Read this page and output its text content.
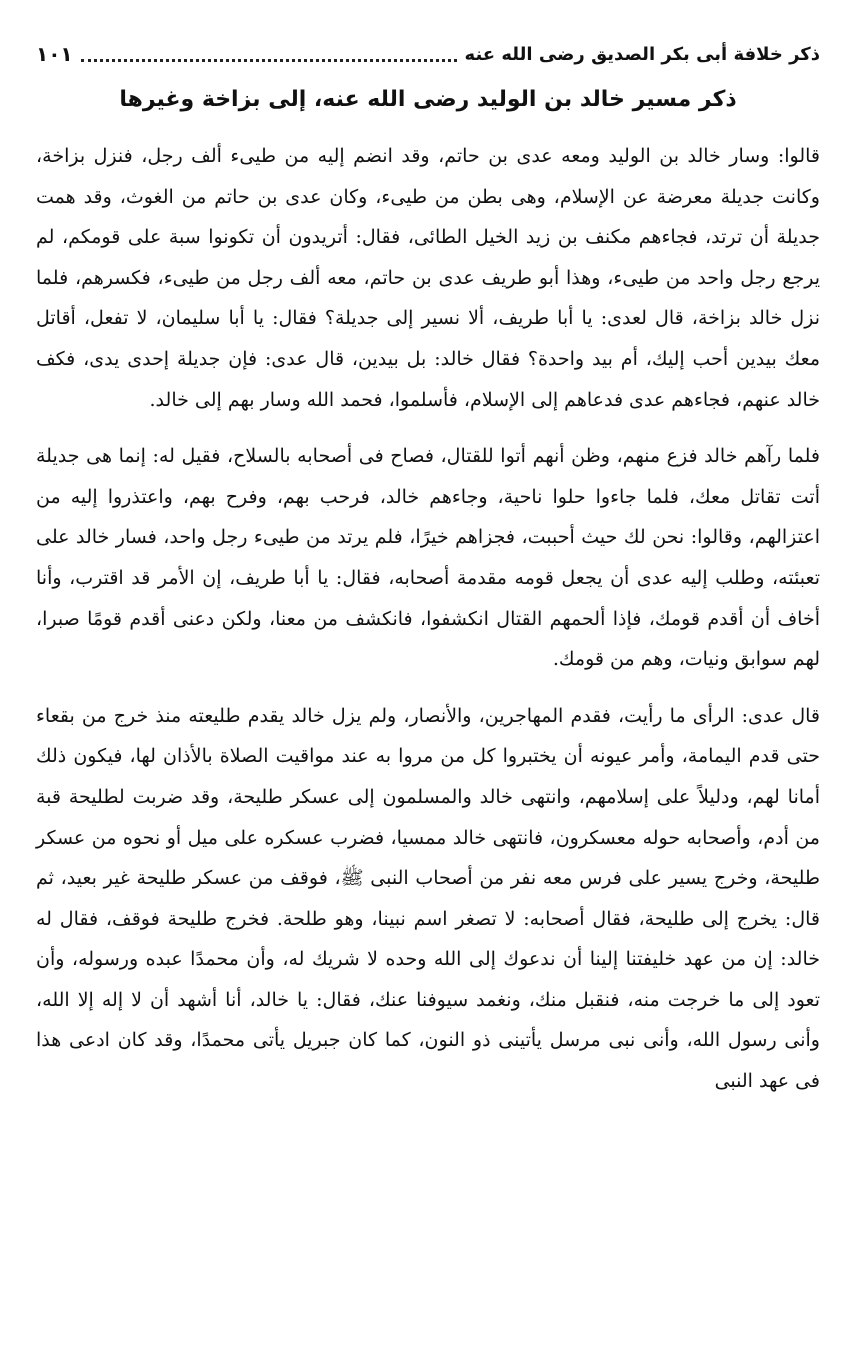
ذكر خلافة أبى بكر الصديق رضى الله عنه
١٠١
ذكر مسير خالد بن الوليد رضى الله عنه، إلى بزاخة وغيرها

قالوا: وسار خالد بن الوليد ومعه عدى بن حاتم، وقد انضم إليه من طيىء ألف رجل، فنزل بزاخة، وكانت جديلة معرضة عن الإسلام، وهى بطن من طيىء، وكان عدى بن حاتم من الغوث، وقد همت جديلة أن ترتد، فجاءهم مكنف بن زيد الخيل الطائى، فقال: أتريدون أن تكونوا سبة على قومكم، لم يرجع رجل واحد من طيىء، وهذا أبو طريف عدى بن حاتم، معه ألف رجل من طيىء، فكسرهم، فلما نزل خالد بزاخة، قال لعدى: يا أبا طريف، ألا نسير إلى جديلة؟ فقال: يا أبا سليمان، لا تفعل، أقاتل معك بيدين أحب إليك، أم بيد واحدة؟ فقال خالد: بل بيدين، قال عدى: فإن جديلة إحدى يدى، فكف خالد عنهم، فجاءهم عدى فدعاهم إلى الإسلام، فأسلموا، فحمد الله وسار بهم إلى خالد.

فلما رآهم خالد فزع منهم، وظن أنهم أتوا للقتال، فصاح فى أصحابه بالسلاح، فقيل له: إنما هى جديلة أتت تقاتل معك، فلما جاءوا حلوا ناحية، وجاءهم خالد، فرحب بهم، وفرح بهم، واعتذروا إليه من اعتزالهم، وقالوا: نحن لك حيث أحببت، فجزاهم خيرًا، فلم يرتد من طيىء رجل واحد، فسار خالد على تعبئته، وطلب إليه عدى أن يجعل قومه مقدمة أصحابه، فقال: يا أبا طريف، إن الأمر قد اقترب، وأنا أخاف أن أقدم قومك، فإذا ألحمهم القتال انكشفوا، فانكشف من معنا، ولكن دعنى أقدم قومًا صبرا، لهم سوابق ونيات، وهم من قومك.

قال عدى: الرأى ما رأيت، فقدم المهاجرين، والأنصار، ولم يزل خالد يقدم طليعته منذ خرج من بقعاء حتى قدم اليمامة، وأمر عيونه أن يختبروا كل من مروا به عند مواقيت الصلاة بالأذان لها، فيكون ذلك أمانا لهم، ودليلاً على إسلامهم، وانتهى خالد والمسلمون إلى عسكر طليحة، وقد ضربت لطليحة قبة من أدم، وأصحابه حوله معسكرون، فانتهى خالد ممسيا، فضرب عسكره على ميل أو نحوه من عسكر طليحة، وخرج يسير على فرس معه نفر من أصحاب النبى ﷺ، فوقف من عسكر طليحة غير بعيد، ثم قال: يخرج إلى طليحة، فقال أصحابه: لا تصغر اسم نبينا، وهو طلحة. فخرج طليحة فوقف، فقال له خالد: إن من عهد خليفتنا إلينا أن ندعوك إلى الله وحده لا شريك له، وأن محمدًا عبده ورسوله، وأن تعود إلى ما خرجت منه، فنقبل منك، ونغمد سيوفنا عنك، فقال: يا خالد، أنا أشهد أن لا إله إلا الله، وأنى رسول الله، وأنى نبى مرسل يأتينى ذو النون، كما كان جبريل يأتى محمدًا، وقد كان ادعى هذا فى عهد النبى
